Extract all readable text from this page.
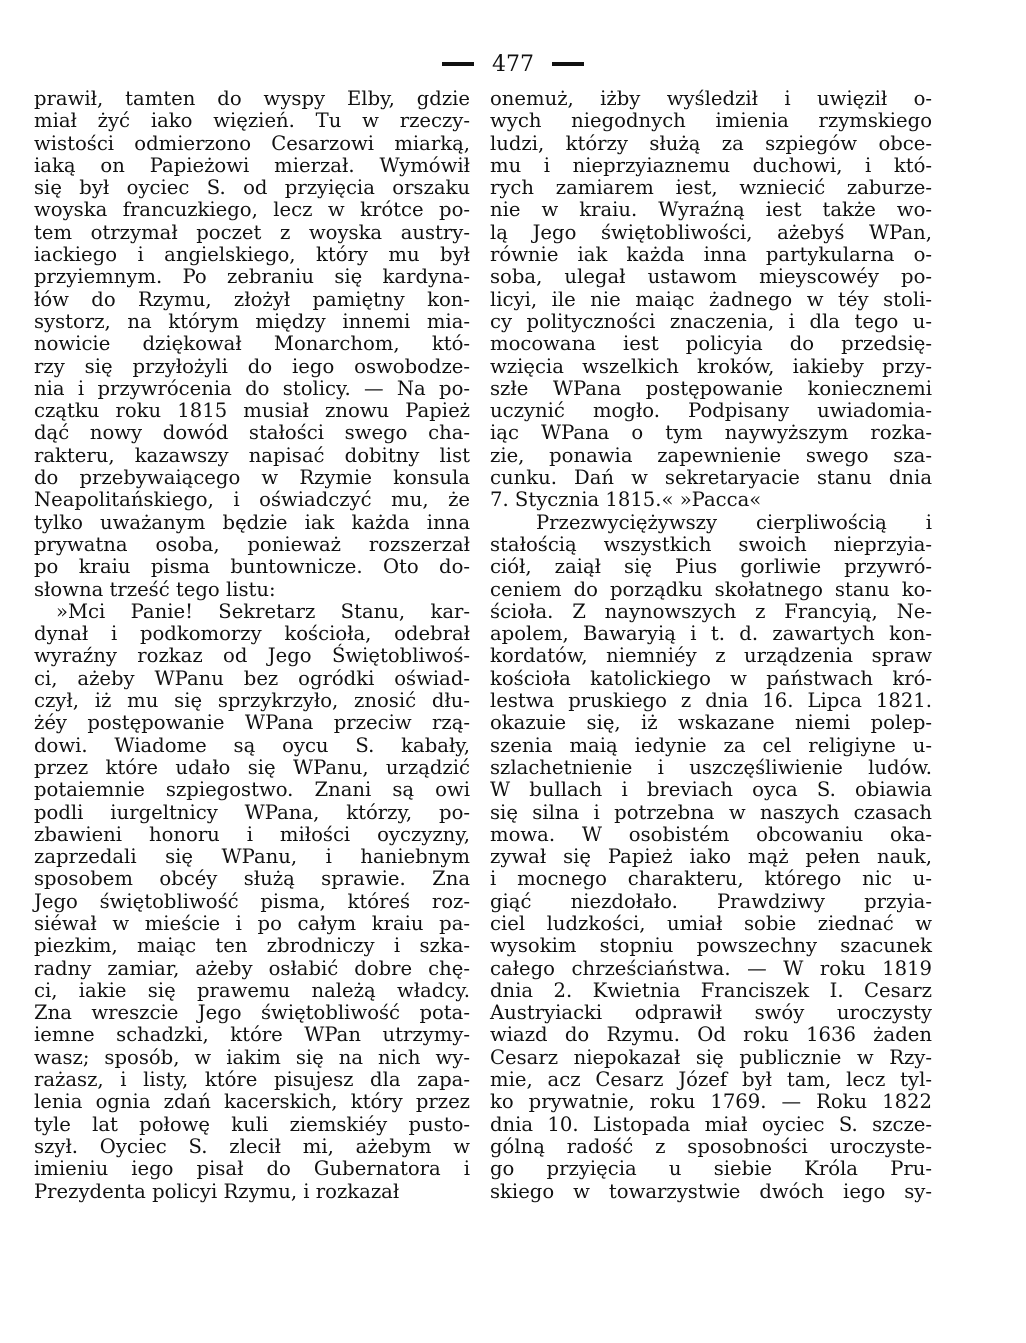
477
prawił, tamten do wyspy Elby, gdzie
miał żyć iako więzień. Tu w rzeczy-
wistości odmierzono Cesarzowi miarką,
iaką on Papieżowi mierzał. Wymówił
się był oyciec S. od przyięcia orszaku
woyska francuzkiego, lecz w krótce po-
tem otrzymał poczet z woyska austry-
iackiego i angielskiego, który mu był
przyiemnym. Po zebraniu się kardyna-
łów do Rzymu, złożył pamiętny kon-
systorz, na którym między innemi mia-
nowicie dziękował Monarchom, któ-
rzy się przyłożyli do iego oswobodze-
nia i przywrócenia do stolicy. — Na po-
czątku roku 1815 musiał znowu Papież
dąć nowy dowód stałości swego cha-
rakteru, kazawszy napisać dobitny list
do przebywaiącego w Rzymie konsula
Neapolitańskiego, i oświadczyć mu, że
tylko uważanym będzie iak każda inna
prywatna osoba, ponieważ rozszerzał
po kraiu pisma buntownicze. Oto do-
słowna trześć tego listu:
»Mci Panie! Sekretarz Stanu, kar-
dynał i podkomorzy kościoła, odebrał
wyraźny rozkaz od Jego Świętobliwoś-
ci, ażeby WPanu bez ogródki oświad-
czył, iż mu się sprzykrzyło, znosić dłu-
żéy postępowanie WPana przeciw rzą-
dowi. Wiadome są oycu S. kabały,
przez które udało się WPanu, urządzić
potaiemnie szpiegostwo. Znani są owi
podli iurgeltnicy WPana, którzy, po-
zbawieni honoru i miłości oyczyzny,
zaprzedali się WPanu, i haniebnym
sposobem obcéy służą sprawie. Zna
Jego świętobliwość pisma, któreś roz-
siéwał w mieście i po całym kraiu pa-
piezkim, maiąc ten zbrodniczy i szka-
radny zamiar, ażeby osłabić dobre chę-
ci, iakie się prawemu należą władcy.
Zna wreszcie Jego świętobliwość pota-
iemne schadzki, które WPan utrzymy-
wasz; sposób, w iakim się na nich wy-
rażasz, i listy, które pisujesz dla zapa-
lenia ognia zdań kacerskich, który przez
tyle lat połowę kuli ziemskiéy pusto-
szył. Oyciec S. zlecił mi, ażebym w
imieniu iego pisał do Gubernatora i
Prezydenta policyi Rzymu, i rozkazał
onemuż, iżby wyśledził i uwięził o-
wych niegodnych imienia rzymskiego
ludzi, którzy służą za szpiegów obce-
mu i nieprzyiaznemu duchowi, i któ-
rych zamiarem iest, wzniecić zaburze-
nie w kraiu. Wyraźną iest także wo-
lą Jego świętobliwości, ażebyś WPan,
równie iak każda inna partykularna o-
soba, ulegał ustawom mieyscowéy po-
licyi, ile nie maiąc żadnego w téy stoli-
cy polityczności znaczenia, i dla tego u-
mocowana iest policyia do przedsię-
wzięcia wszelkich kroków, iakieby przy-
szłe WPana postępowanie koniecznemi
uczynić mogło. Podpisany uwiadomia-
iąc WPana o tym naywyższym rozka-
zie, ponawia zapewnienie swego sza-
cunku. Dań w sekretaryacie stanu dnia
7. Stycznia 1815.« »Pacca«
Przezwyciężywszy cierpliwością i
stałością wszystkich swoich nieprzyia-
ciół, zaiął się Pius gorliwie przywró-
ceniem do porządku skołatnego stanu ko-
ścioła. Z naynowszych z Francyią, Ne-
apolem, Bawaryią i t. d. zawartych kon-
kordatów, niemniéy z urządzenia spraw
kościoła katolickiego w państwach kró-
lestwa pruskiego z dnia 16. Lipca 1821.
okazuie się, iż wskazane niemi polep-
szenia maią iedynie za cel religiyne u-
szlachetnienie i uszczęśliwienie ludów.
W bullach i breviach oyca S. obiawia
się silna i potrzebna w naszych czasach
mowa. W osobistém obcowaniu oka-
zywał się Papież iako mąż pełen nauk,
i mocnego charakteru, którego nic u-
giąć niezdołało. Prawdziwy przyia-
ciel ludzkości, umiał sobie ziednać w
wysokim stopniu powszechny szacunek
całego chrześciaństwa. — W roku 1819
dnia 2. Kwietnia Franciszek I. Cesarz
Austryiacki odprawił swóy uroczysty
wiazd do Rzymu. Od roku 1636 żaden
Cesarz niepokazał się publicznie w Rzy-
mie, acz Cesarz Józef był tam, lecz tyl-
ko prywatnie, roku 1769. — Roku 1822
dnia 10. Listopada miał oyciec S. szcze-
gólną radość z sposobności uroczyste-
go przyięcia u siebie Króla Pru-
skiego w towarzystwie dwóch iego sy-
